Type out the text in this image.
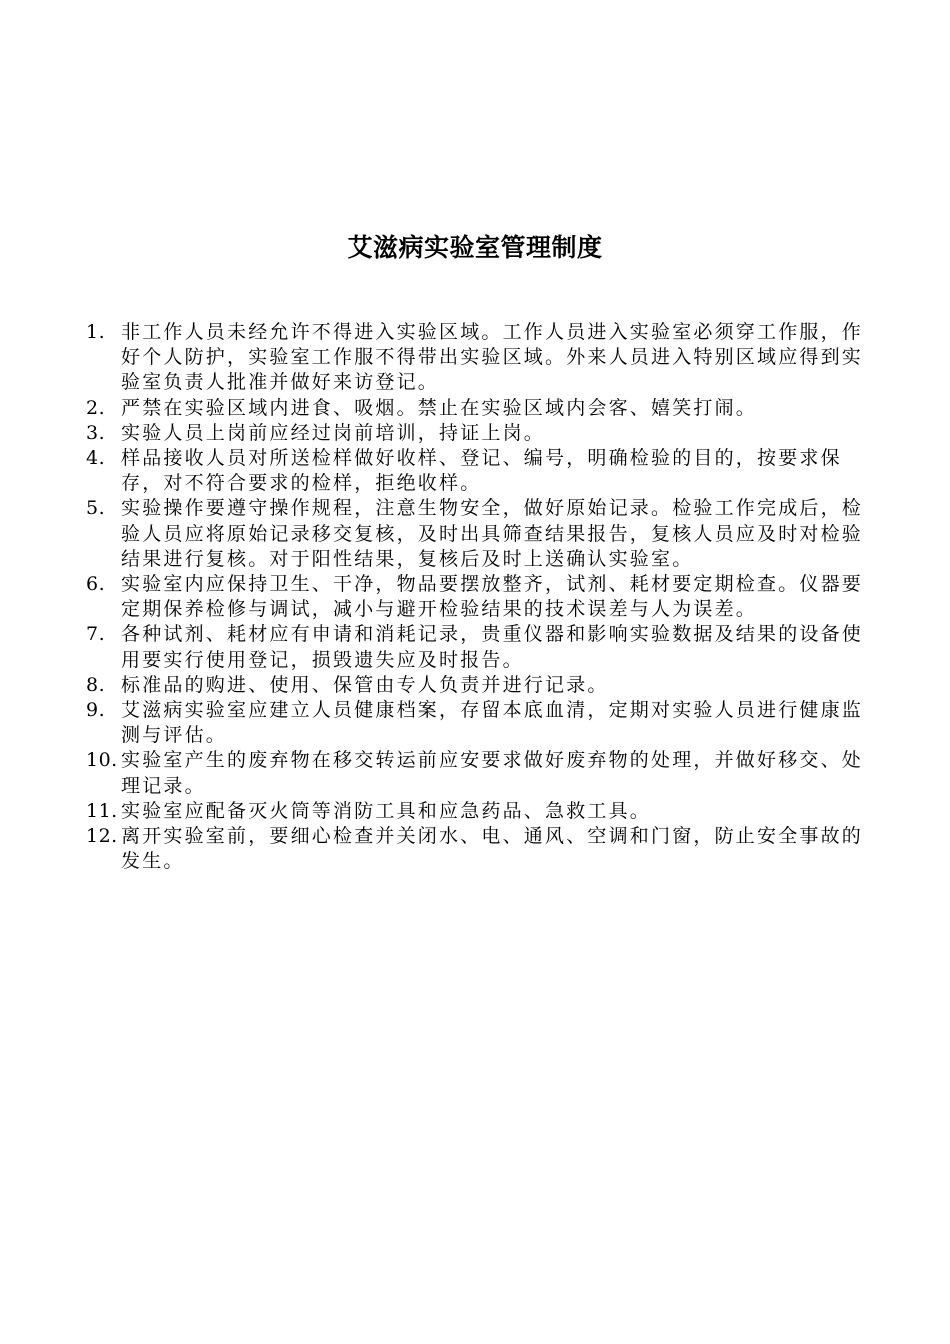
艾滋病实验室管理制度
1. 非工作人员未经允许不得进入实验区域。工作人员进入实验室必须穿工作服，作好个人防护，实验室工作服不得带出实验区域。外来人员进入特别区域应得到实验室负责人批准并做好来访登记。
2. 严禁在实验区域内进食、吸烟。禁止在实验区域内会客、嬉笑打闹。
3. 实验人员上岗前应经过岗前培训，持证上岗。
4. 样品接收人员对所送检样做好收样、登记、编号，明确检验的目的，按要求保存，对不符合要求的检样，拒绝收样。
5. 实验操作要遵守操作规程，注意生物安全，做好原始记录。检验工作完成后，检验人员应将原始记录移交复核，及时出具筛查结果报告，复核人员应及时对检验结果进行复核。对于阳性结果，复核后及时上送确认实验室。
6. 实验室内应保持卫生、干净，物品要摆放整齐，试剂、耗材要定期检查。仪器要定期保养检修与调试，减小与避开检验结果的技术误差与人为误差。
7. 各种试剂、耗材应有申请和消耗记录，贵重仪器和影响实验数据及结果的设备使用要实行使用登记，损毁遗失应及时报告。
8. 标准品的购进、使用、保管由专人负责并进行记录。
9. 艾滋病实验室应建立人员健康档案，存留本底血清，定期对实验人员进行健康监测与评估。
10. 实验室产生的废弃物在移交转运前应安要求做好废弃物的处理，并做好移交、处理记录。
11. 实验室应配备灭火筒等消防工具和应急药品、急救工具。
12. 离开实验室前，要细心检查并关闭水、电、通风、空调和门窗，防止安全事故的发生。
